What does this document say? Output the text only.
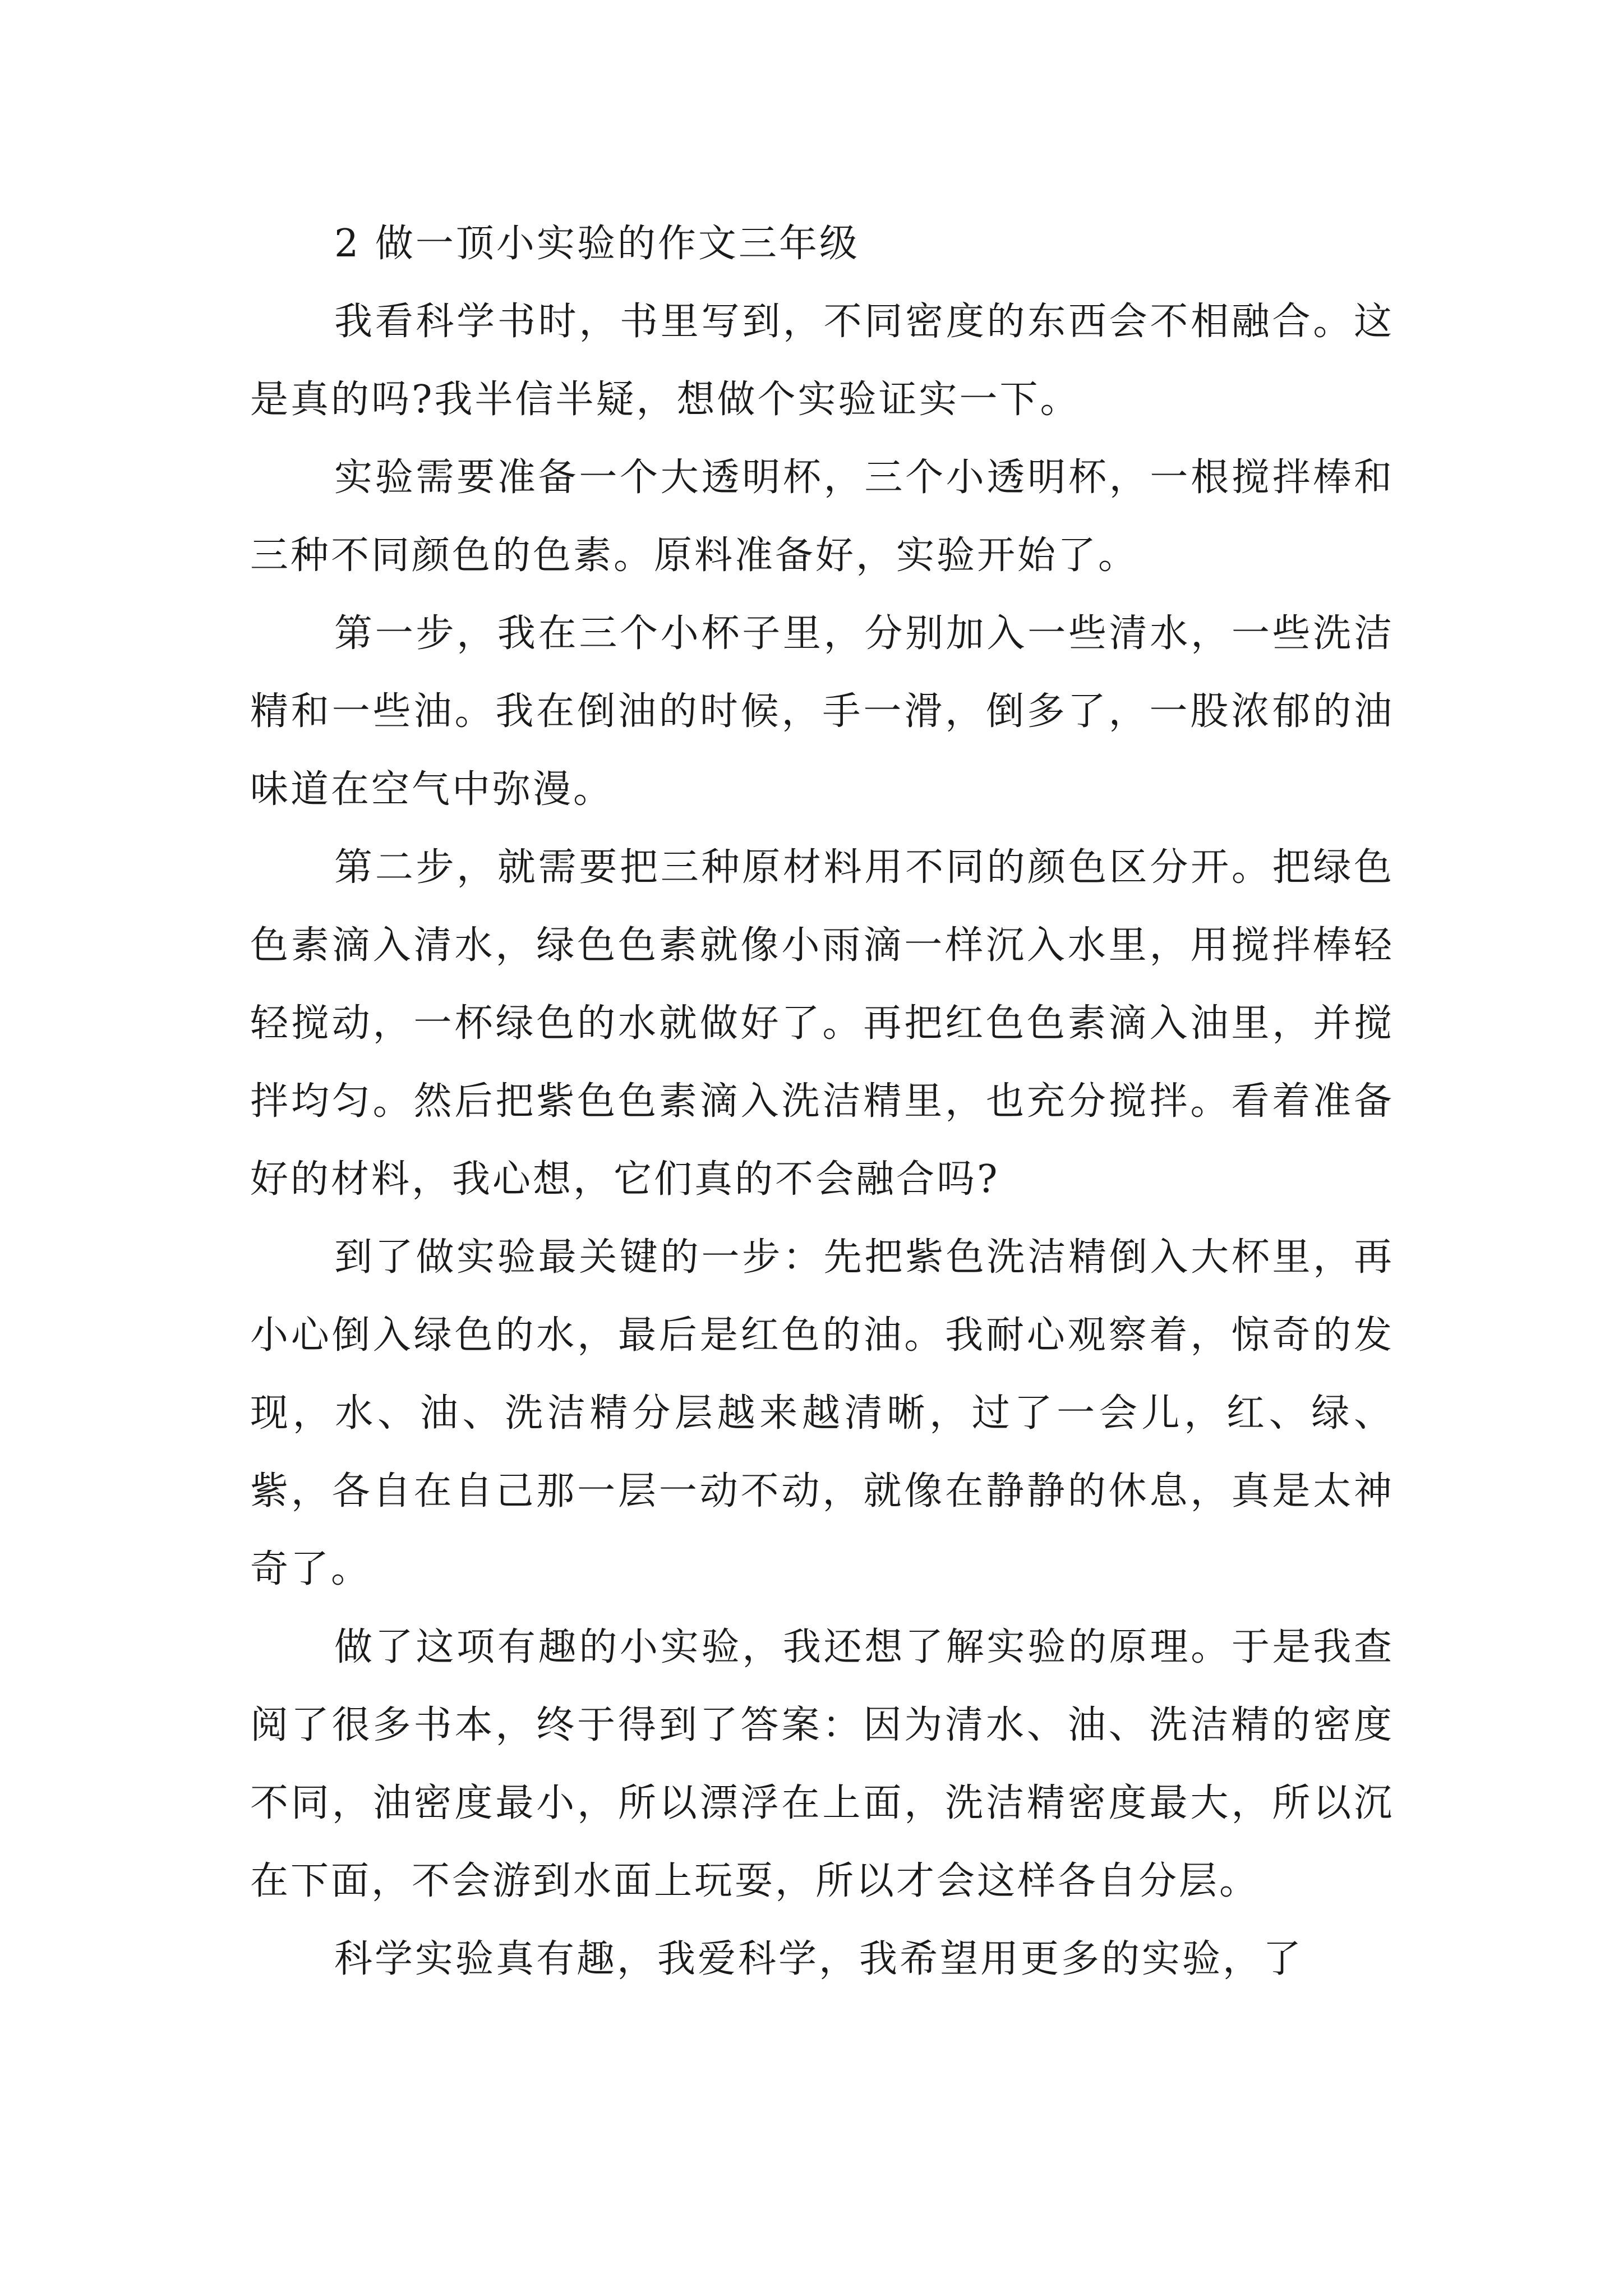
2 做一顶小实验的作文三年级

我看科学书时，书里写到，不同密度的东西会不相融合。这是真的吗?我半信半疑，想做个实验证实一下。

实验需要准备一个大透明杯，三个小透明杯，一根搅拌棒和三种不同颜色的色素。原料准备好，实验开始了。

第一步，我在三个小杯子里，分别加入一些清水，一些洗洁精和一些油。我在倒油的时候，手一滑，倒多了，一股浓郁的油味道在空气中弥漫。

第二步，就需要把三种原材料用不同的颜色区分开。把绿色色素滴入清水，绿色色素就像小雨滴一样沉入水里，用搅拌棒轻轻搅动，一杯绿色的水就做好了。再把红色色素滴入油里，并搅拌均匀。然后把紫色色素滴入洗洁精里，也充分搅拌。看着准备好的材料，我心想，它们真的不会融合吗?

到了做实验最关键的一步：先把紫色洗洁精倒入大杯里，再小心倒入绿色的水，最后是红色的油。我耐心观察着，惊奇的发现，水、油、洗洁精分层越来越清晰，过了一会儿，红、绿、紫，各自在自己那一层一动不动，就像在静静的休息，真是太神奇了。

做了这项有趣的小实验，我还想了解实验的原理。于是我查阅了很多书本，终于得到了答案：因为清水、油、洗洁精的密度不同，油密度最小，所以漂浮在上面，洗洁精密度最大，所以沉在下面，不会游到水面上玩耍，所以才会这样各自分层。

科学实验真有趣，我爱科学，我希望用更多的实验，了
